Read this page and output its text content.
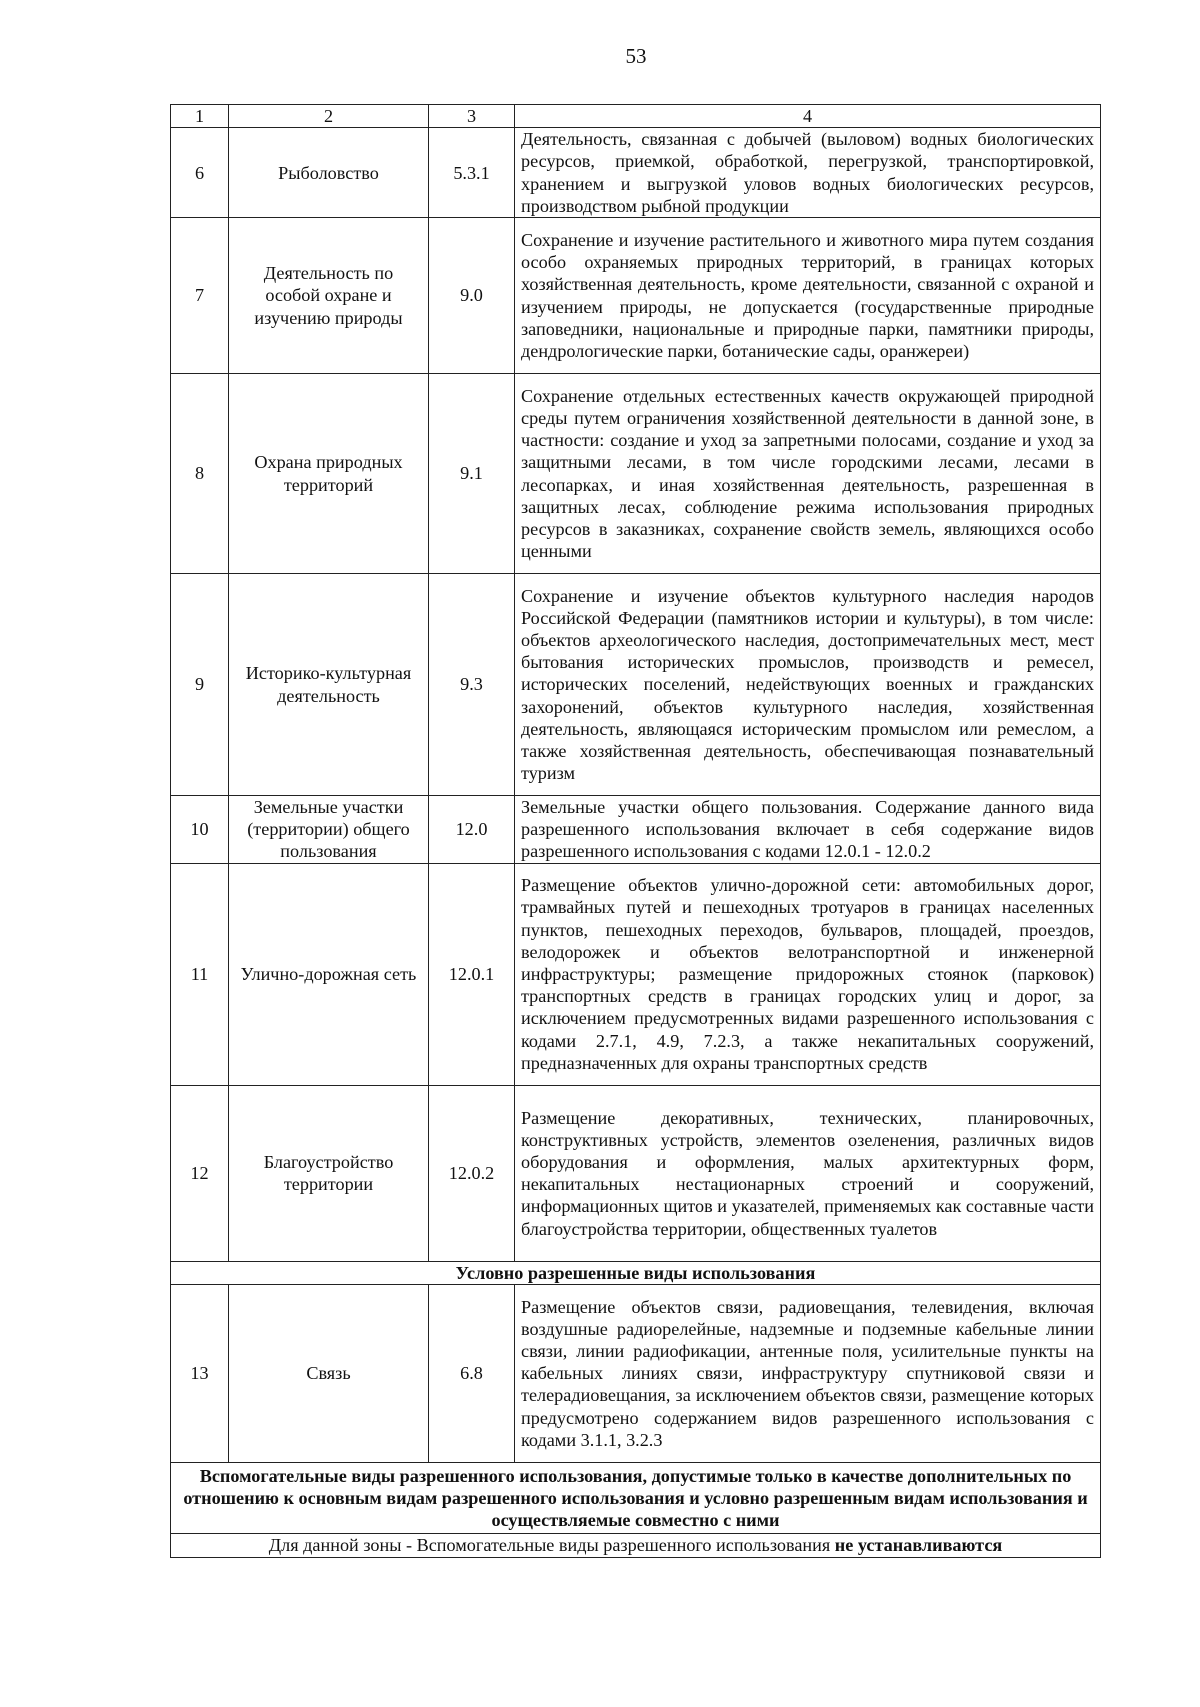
53
1	2	3	4
6	Рыболовство	5.3.1	Деятельность, связанная с добычей (выловом) водных биологических ресурсов, приемкой, обработкой, перегрузкой, транспортировкой, хранением и выгрузкой уловов водных биологических ресурсов, производством рыбной продукции
7	Деятельность по особой охране и изучению природы	9.0	Сохранение и изучение растительного и животного мира путем создания особо охраняемых природных территорий, в границах которых хозяйственная деятельность, кроме деятельности, связанной с охраной и изучением природы, не допускается (государственные природные заповедники, национальные и природные парки, памятники природы, дендрологические парки, ботанические сады, оранжереи)
8	Охрана природных территорий	9.1	Сохранение отдельных естественных качеств окружающей природной среды путем ограничения хозяйственной деятельности в данной зоне, в частности: создание и уход за запретными полосами, создание и уход за защитными лесами, в том числе городскими лесами, лесами в лесопарках, и иная хозяйственная деятельность, разрешенная в защитных лесах, соблюдение режима использования природных ресурсов в заказниках, сохранение свойств земель, являющихся особо ценными
9	Историко-культурная деятельность	9.3	Сохранение и изучение объектов культурного наследия народов Российской Федерации (памятников истории и культуры), в том числе: объектов археологического наследия, достопримечательных мест, мест бытования исторических промыслов, производств и ремесел, исторических поселений, недействующих военных и гражданских захоронений, объектов культурного наследия, хозяйственная деятельность, являющаяся историческим промыслом или ремеслом, а также хозяйственная деятельность, обеспечивающая познавательный туризм
10	Земельные участки (территории) общего пользования	12.0	Земельные участки общего пользования. Содержание данного вида разрешенного использования включает в себя содержание видов разрешенного использования с кодами 12.0.1 - 12.0.2
11	Улично-дорожная сеть	12.0.1	Размещение объектов улично-дорожной сети: автомобильных дорог, трамвайных путей и пешеходных тротуаров в границах населенных пунктов, пешеходных переходов, бульваров, площадей, проездов, велодорожек и объектов велотранспортной и инженерной инфраструктуры; размещение придорожных стоянок (парковок) транспортных средств в границах городских улиц и дорог, за исключением предусмотренных видами разрешенного использования с кодами 2.7.1, 4.9, 7.2.3, а также некапитальных сооружений, предназначенных для охраны транспортных средств
12	Благоустройство территории	12.0.2	Размещение декоративных, технических, планировочных, конструктивных устройств, элементов озеленения, различных видов оборудования и оформления, малых архитектурных форм, некапитальных нестационарных строений и сооружений, информационных щитов и указателей, применяемых как составные части благоустройства территории, общественных туалетов
Условно разрешенные виды использования			
13	Связь	6.8	Размещение объектов связи, радиовещания, телевидения, включая воздушные радиорелейные, надземные и подземные кабельные линии связи, линии радиофикации, антенные поля, усилительные пункты на кабельных линиях связи, инфраструктуру спутниковой связи и телерадиовещания, за исключением объектов связи, размещение которых предусмотрено содержанием видов разрешенного использования с кодами 3.1.1, 3.2.3
Вспомогательные виды разрешенного использования, допустимые только в качестве дополнительных по отношению к основным видам разрешенного использования и условно разрешенным видам использования и осуществляемые совместно с ними			
Для данной зоны - Вспомогательные виды разрешенного использования не устанавливаются			
